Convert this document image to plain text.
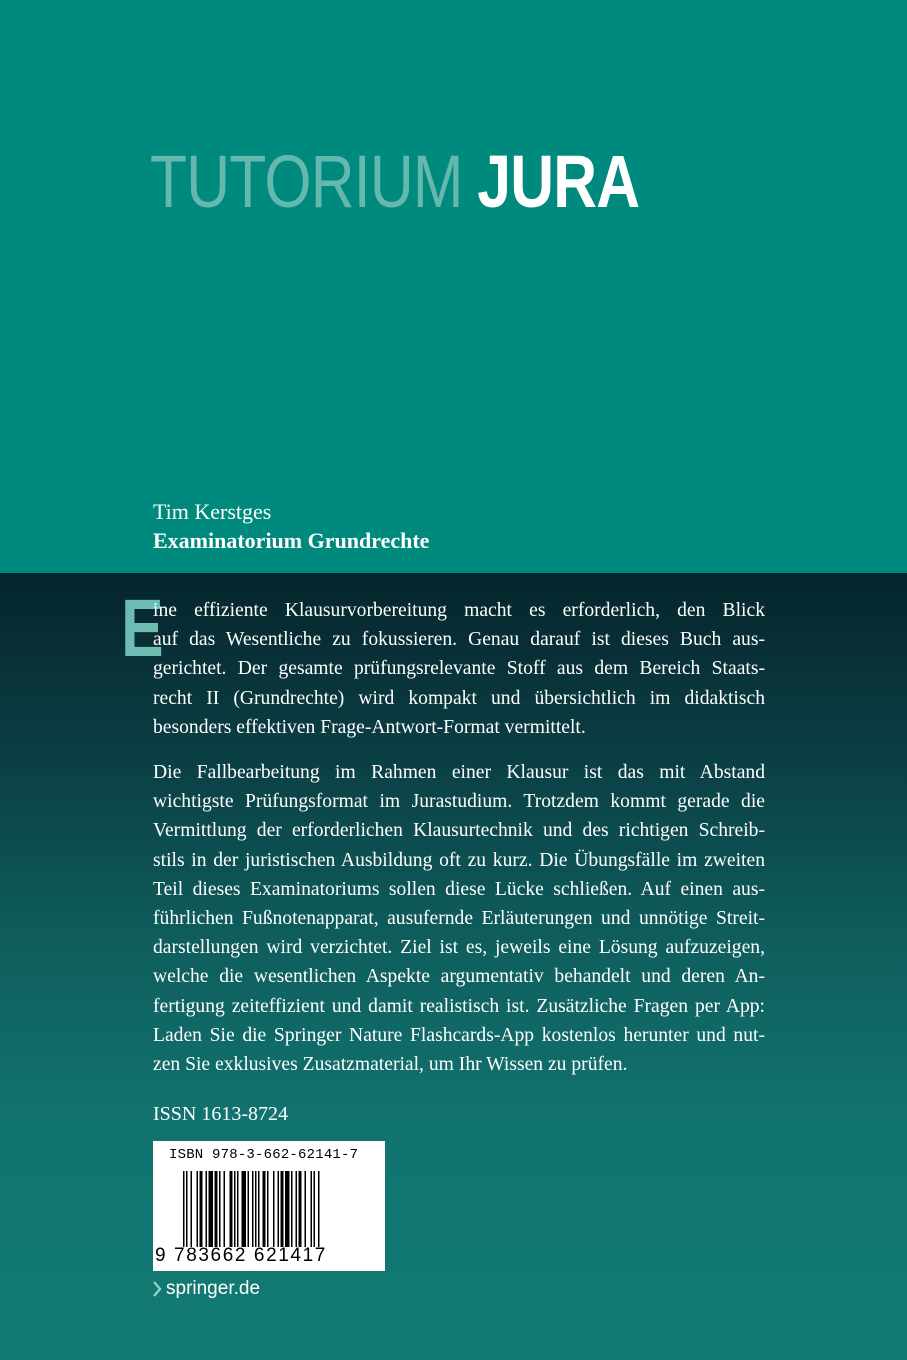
TUTORIUM JURA
Tim Kerstges
Examinatorium Grundrechte
E
ine effiziente Klausurvorbereitung macht es erforderlich, den Blick
auf das Wesentliche zu fokussieren. Genau darauf ist dieses Buch aus-
gerichtet. Der gesamte prüfungsrelevante Stoff aus dem Bereich Staats-
recht II (Grundrechte) wird kompakt und übersichtlich im didaktisch
besonders effektiven Frage-Antwort-Format vermittelt.
Die Fallbearbeitung im Rahmen einer Klausur ist das mit Abstand
wichtigste Prüfungsformat im Jurastudium. Trotzdem kommt gerade die
Vermittlung der erforderlichen Klausurtechnik und des richtigen Schreib-
stils in der juristischen Ausbildung oft zu kurz. Die Übungsfälle im zweiten
Teil dieses Examinatoriums sollen diese Lücke schließen. Auf einen aus-
führlichen Fußnotenapparat, ausufernde Erläuterungen und unnötige Streit-
darstellungen wird verzichtet. Ziel ist es, jeweils eine Lösung aufzuzeigen,
welche die wesentlichen Aspekte argumentativ behandelt und deren An-
fertigung zeiteffizient und damit realistisch ist. Zusätzliche Fragen per App:
Laden Sie die Springer Nature Flashcards-App kostenlos herunter und nut-
zen Sie exklusives Zusatzmaterial, um Ihr Wissen zu prüfen.
ISSN 1613-8724
ISBN 978-3-662-62141-7
9 783662 621417
springer.de
